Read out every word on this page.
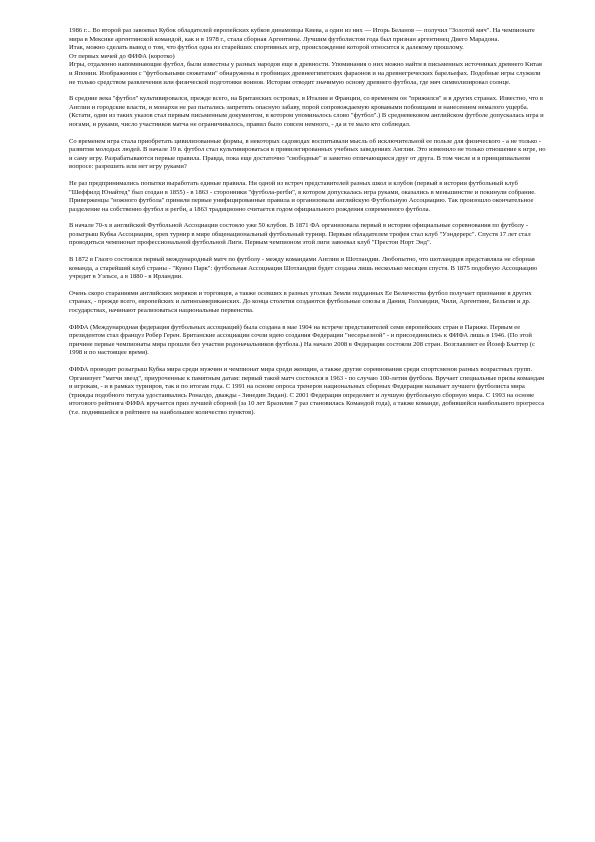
1986 г... Во второй раз завоевал Кубок обладателей европейских кубков динамовцы Киева, а один из них — Игорь Беланов — получил "Золотой мяч". На чемпионате мира в Мексике аргентинской командой, как и в 1978 г., стала сборная Аргентины. Лучшим футболистом года был признан аргентинец Диего Марадона.

Итак, можно сделать вывод о том, что футбол одна из старейших спортивных игр, происхождение которой относится к далекому прошлому.

От первых мячей до ФИФА (коротко)

Игры, отдаленно напоминающие футбол, были известны у разных народов еще в древности. Упоминания о них можно найти в письменных источниках древнего Китая и Японии. Изображения с "футбольными сюжетами" обнаружены в гробницах древнеегипетских фараонов и на древнегреческих барельефах. Подобные игры служили не только средством развлечения или физической подготовки воинов. Истории отводит значимую основу древнего футбола, где мяч символизировал солнце.

В средние века "футбол" культивировался, прежде всего, на Британских островах, в Италии и Франции, со временем он "прижился" и в других странах. Известно, что в Англии и городские власти, и монархи не раз пытались запретить опасную забаву, порой сопровождаемую кровавыми побоищами и нанесением немалого ущерба. (Кстати, один из таких указов стал первым письменным документом, в котором упоминалось слово "футбол".) В средневековом английском футболе допускалась игра и ногами, и руками, число участников матча не ограничивалось, правил было совсем немного, - да и те мало кто соблюдал.

Со временем игра стала приобретать цивилизованные формы, в некоторых садоводах воспитывали мысль об исключительной ее пользе для физического - а не только - развития молодых людей. В начале 19 в. футбол стал культивироваться в привилегированных учебных заведениях Англии. Это изменило не только отношение к игре, но и саму игру. Разрабатываются первые правила. Правда, пока еще достаточно "свободные" и заметно отличающиеся друг от друга. В том числе и в принципиальном вопросе: разрешить или нет игру руками?

Не раз предпринимались попытки выработать единые правила. Ни одной из встреч представителей разных школ и клубов (первый в истории футбольный клуб "Шеффилд Юнайтед" был создан в 1855) - в 1863 - сторонники "футбола-регби", в котором допускалась игра руками, оказались в меньшинстве и покинули собрание. Приверженцы "ножного футбола" приняли первые унифицированные правила и организовали английскую Футбольную Ассоциацию. Так произошло окончательное разделение на собственно футбол и регби, а 1863 традиционно считается годом официального рождения современного футбола.

В начале 70-х в английской Футбольной Ассоциации состояло уже 50 клубов. В 1871 ФА организовала первый в истории официальные соревнования по футболу - розыгрыш Кубка Ассоциации, open турнир в мире общенациональный футбольный турнир. Первым обладателем трофея стал клуб "Уэндерерс". Спустя 17 лет стал проводиться чемпионат профессиональной футбольной Лиги. Первым чемпионом этой лиги завоевал клуб "Престон Норт Энд".

В 1872 в Глазго состоялся первый международный матч по футболу - между командами Англии и Шотландии. Любопытно, что шотландцев представляла не сборная команда, а старейший клуб страны - "Куинз Парк": футбольная Ассоциация Шотландии будет создана лишь несколько месяцев спустя. В 1875 подобную Ассоциацию учредят в Уэльсе, а в 1880 - в Ирландии.

Очень скоро стараниями английских моряков и торговцев, а также осевших в разных уголках Земли подданных Ее Величества футбол получает признание в других странах, - прежде всего, европейских и латиноамериканских. До конца столетия создаются футбольные союзы в Дании, Голландии, Чили, Аргентине, Бельгии и др. государствах, начинают реализоваться национальные первенства.

ФИФА (Международная федерация футбольных ассоциаций) была создана в мае 1904 на встрече представителей семи европейских стран в Париже. Первым ее президентом стал француз Робер Герен. Британские ассоциации сочли идею создания Федерации "несерьезной" - и присоединились к ФИФА лишь в 1946. (По этой причине первые чемпионаты мира прошли без участия родоначальников футбола.) На начало 2008 в Федерации состояли 208 стран. Возглавляет ее Йозеф Блаттер (с 1998 и по настоящее время).

ФИФА проводит розыгрыш Кубка мира среди мужчин и чемпионат мира среди женщин, а также другие соревнования среди спортсменов разных возрастных групп. Организует "матчи звезд", приуроченные к памятным датам: первый такой матч состоялся в 1963 - по случаю 100-летия футбола. Вручает специальные призы командам и игрокам, - и в рамках турниров, так и по итогам года. С 1991 на основе опроса тренеров национальных сборных Федерация называет лучшего футболиста мира (трижды подобного титула удостаивались Роналдо, дважды - Зинедин Зидан). С 2001 Федерация определяет и лучшую футбольную сборную мира. С 1993 на основе итогового рейтинга ФИФА вручается приз лучшей сборной (за 10 лет Бразилия 7 раз становилась Командой года), а также команде, добившейся наибольшего прогресса (т.е. поднявшейся в рейтинге на наибольшее количество пунктов).
